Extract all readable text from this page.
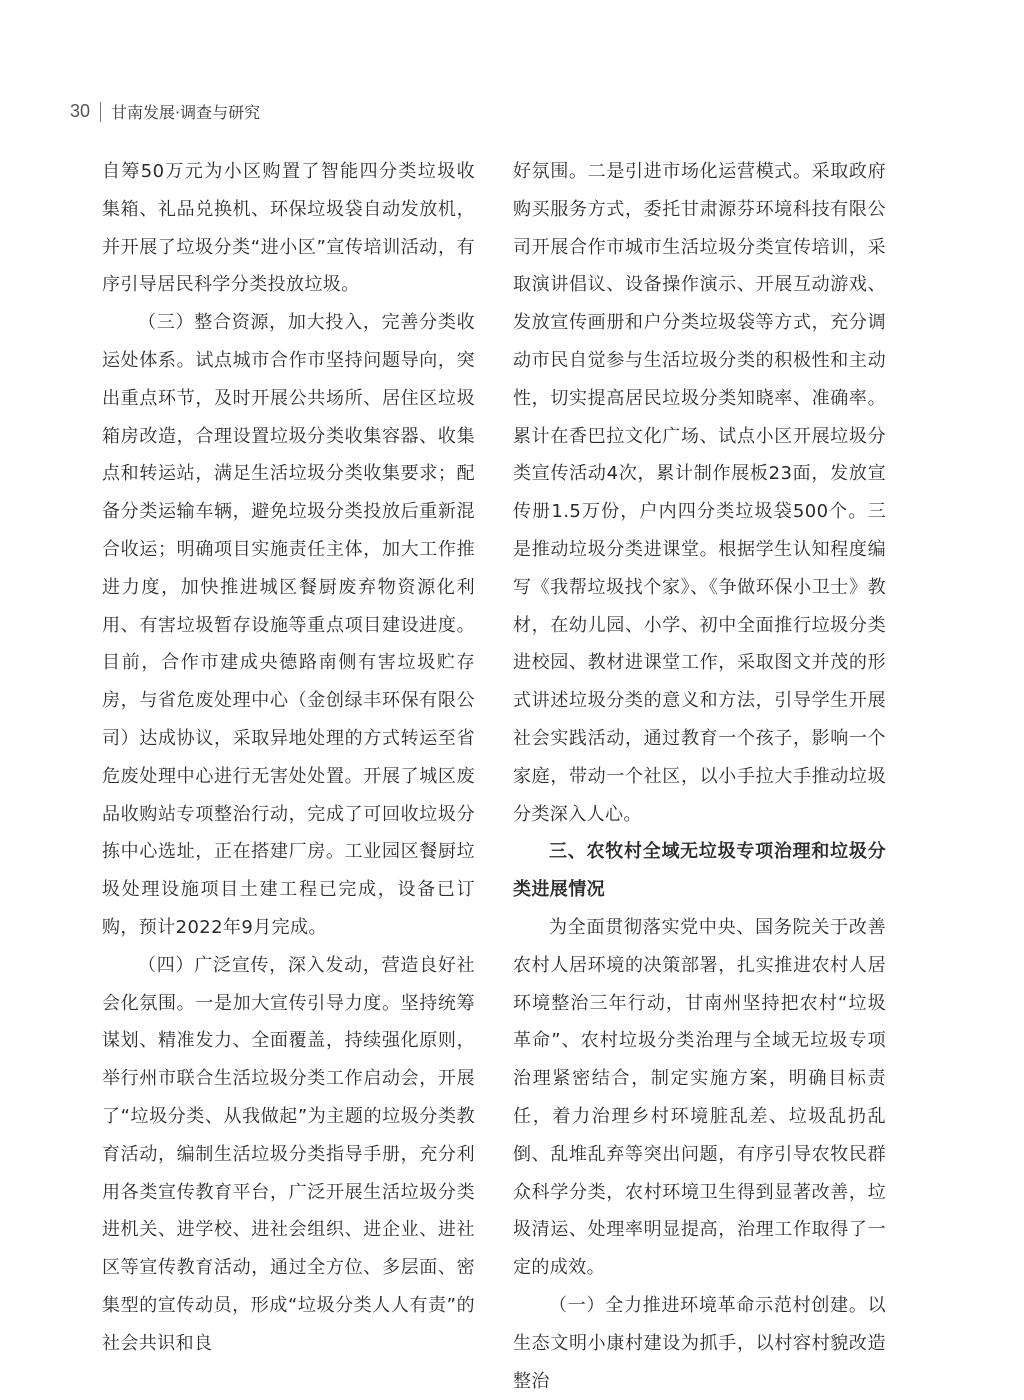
30 甘南发展·调查与研究

自筹50万元为小区购置了智能四分类垃圾收集箱、礼品兑换机、环保垃圾袋自动发放机，并开展了垃圾分类“进小区”宣传培训活动，有序引导居民科学分类投放垃圾。

（三）整合资源，加大投入，完善分类收运处体系。试点城市合作市坚持问题导向，突出重点环节，及时开展公共场所、居住区垃圾箱房改造，合理设置垃圾分类收集容器、收集点和转运站，满足生活垃圾分类收集要求；配备分类运输车辆，避免垃圾分类投放后重新混合收运；明确项目实施责任主体，加大工作推进力度，加快推进城区餐厨废弃物资源化利用、有害垃圾暂存设施等重点项目建设进度。目前，合作市建成央德路南侧有害垃圾贮存房，与省危废处理中心（金创绿丰环保有限公司）达成协议，采取异地处理的方式转运至省危废处理中心进行无害处处置。开展了城区废品收购站专项整治行动，完成了可回收垃圾分拣中心选址，正在搭建厂房。工业园区餐厨垃圾处理设施项目土建工程已完成，设备已订购，预计2022年9月完成。

（四）广泛宣传，深入发动，营造良好社会化氛围。一是加大宣传引导力度。坚持统筹谋划、精准发力、全面覆盖，持续强化原则，举行州市联合生活垃圾分类工作启动会，开展了“垃圾分类、从我做起”为主题的垃圾分类教育活动，编制生活垃圾分类指导手册，充分利用各类宣传教育平台，广泛开展生活垃圾分类进机关、进学校、进社会组织、进企业、进社区等宣传教育活动，通过全方位、多层面、密集型的宣传动员，形成“垃圾分类人人有责”的社会共识和良

好氛围。二是引进市场化运营模式。采取政府购买服务方式，委托甘肃源芬环境科技有限公司开展合作市城市生活垃圾分类宣传培训，采取演讲倡议、设备操作演示、开展互动游戏、发放宣传画册和户分类垃圾袋等方式，充分调动市民自觉参与生活垃圾分类的积极性和主动性，切实提高居民垃圾分类知晓率、准确率。累计在香巴拉文化广场、试点小区开展垃圾分类宣传活动4次，累计制作展板23面，发放宣传册1.5万份，户内四分类垃圾袋500个。三是推动垃圾分类进课堂。根据学生认知程度编写《我帮垃圾找个家》、《争做环保小卫士》教材，在幼儿园、小学、初中全面推行垃圾分类进校园、教材进课堂工作，采取图文并茂的形式讲述垃圾分类的意义和方法，引导学生开展社会实践活动，通过教育一个孩子，影响一个家庭，带动一个社区，以小手拉大手推动垃圾分类深入人心。

三、农牧村全域无垃圾专项治理和垃圾分类进展情况

为全面贯彻落实党中央、国务院关于改善农村人居环境的决策部署，扎实推进农村人居环境整治三年行动，甘南州坚持把农村“垃圾革命”、农村垃圾分类治理与全域无垃圾专项治理紧密结合，制定实施方案，明确目标责任，着力治理乡村环境脏乱差、垃圾乱扔乱倒、乱堆乱弃等突出问题，有序引导农牧民群众科学分类，农村环境卫生得到显著改善，垃圾清运、处理率明显提高，治理工作取得了一定的成效。

（一）全力推进环境革命示范村创建。以生态文明小康村建设为抓手，以村容村貌改造整治
